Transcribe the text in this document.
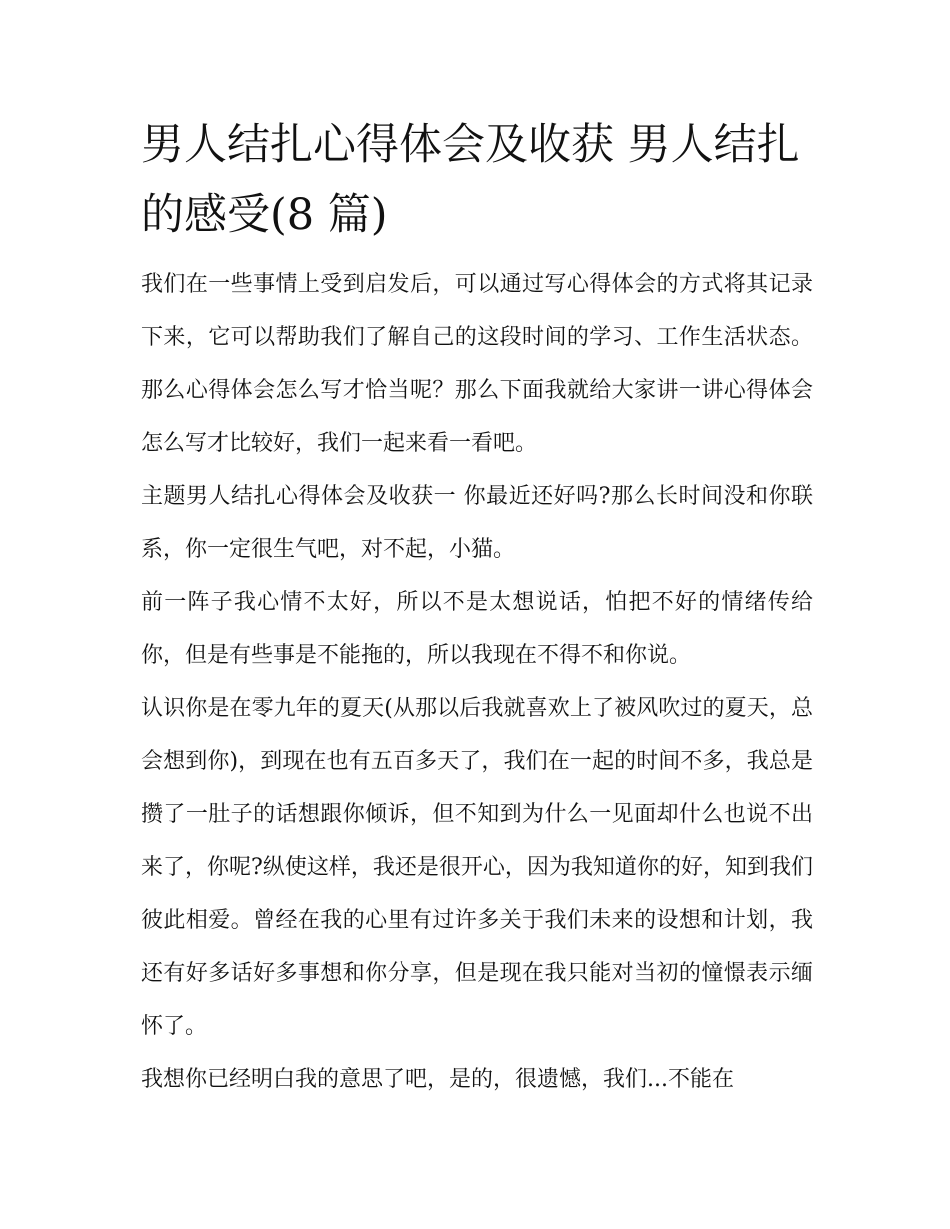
男人结扎心得体会及收获 男人结扎的感受(8 篇)

我们在一些事情上受到启发后，可以通过写心得体会的方式将其记录下来，它可以帮助我们了解自己的这段时间的学习、工作生活状态。那么心得体会怎么写才恰当呢？那么下面我就给大家讲一讲心得体会怎么写才比较好，我们一起来看一看吧。

主题男人结扎心得体会及收获一 你最近还好吗?那么长时间没和你联系，你一定很生气吧，对不起，小猫。

前一阵子我心情不太好，所以不是太想说话，怕把不好的情绪传给你，但是有些事是不能拖的，所以我现在不得不和你说。

认识你是在零九年的夏天(从那以后我就喜欢上了被风吹过的夏天，总会想到你)，到现在也有五百多天了，我们在一起的时间不多，我总是攒了一肚子的话想跟你倾诉，但不知到为什么一见面却什么也说不出来了，你呢?纵使这样，我还是很开心，因为我知道你的好，知到我们彼此相爱。曾经在我的心里有过许多关于我们未来的设想和计划，我还有好多话好多事想和你分享，但是现在我只能对当初的憧憬表示缅怀了。

我想你已经明白我的意思了吧，是的，很遗憾，我们...不能在
